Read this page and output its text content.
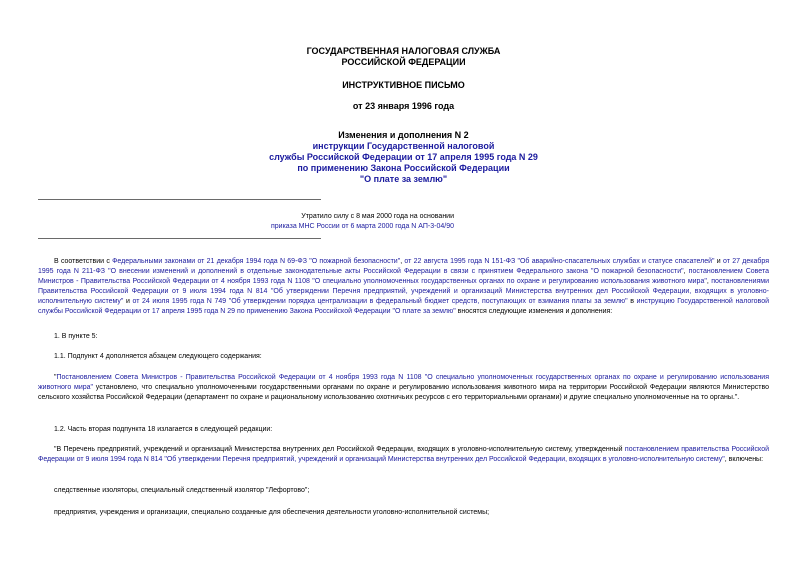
ГОСУДАРСТВЕННАЯ НАЛОГОВАЯ СЛУЖБА
РОССИЙСКОЙ ФЕДЕРАЦИИ
ИНСТРУКТИВНОЕ ПИСЬМО
от 23 января 1996 года
Изменения и дополнения N 2
инструкции Государственной налоговой
службы Российской Федерации от 17 апреля 1995 года N 29
по применению Закона Российской Федерации
"О плате за землю"
Утратило силу с 8 мая 2000 года на основании
приказа МНС России от 6 марта 2000 года N АП-3-04/90
В соответствии с Федеральными законами от 21 декабря 1994 года N 69-ФЗ "О пожарной безопасности", от 22 августа 1995 года N 151-ФЗ "Об аварийно-спасательных службах и статусе спасателей" и от 27 декабря 1995 года N 211-ФЗ "О внесении изменений и дополнений в отдельные законодательные акты Российской Федерации в связи с принятием Федерального закона "О пожарной безопасности", постановлением Совета Министров - Правительства Российской Федерации от 4 ноября 1993 года N 1108 "О специально уполномоченных государственных органах по охране и регулированию использования животного мира", постановлениями Правительства Российской Федерации от 9 июля 1994 года N 814 "Об утверждении Перечня предприятий, учреждений и организаций Министерства внутренних дел Российской Федерации, входящих в уголовно-исполнительную систему" и от 24 июля 1995 года N 749 "Об утверждении порядка централизации в федеральный бюджет средств, поступающих от взимания платы за землю" в инструкцию Государственной налоговой службы Российской Федерации от 17 апреля 1995 года N 29 по применению Закона Российской Федерации "О плате за землю" вносятся следующие изменения и дополнения:
1. В пункте 5:
1.1. Подпункт 4 дополняется абзацем следующего содержания:
"Постановлением Совета Министров - Правительства Российской Федерации от 4 ноября 1993 года N 1108 "О специально уполномоченных государственных органах по охране и регулированию использования животного мира" установлено, что специально уполномоченными государственными органами по охране и регулированию использования животного мира на территории Российской Федерации являются Министерство сельского хозяйства Российской Федерации (департамент по охране и рациональному использованию охотничьих ресурсов с его территориальными органами) и другие специально уполномоченные на то органы.".
1.2. Часть вторая подпункта 18 излагается в следующей редакции:
"В Перечень предприятий, учреждений и организаций Министерства внутренних дел Российской Федерации, входящих в уголовно-исполнительную систему, утвержденный постановлением правительства Российской Федерации от 9 июля 1994 года N 814 "Об утверждении Перечня предприятий, учреждений и организаций Министерства внутренних дел Российской Федерации, входящих в уголовно-исполнительную систему", включены:
следственные изоляторы, специальный следственный изолятор "Лефортово";
предприятия, учреждения и организации, специально созданные для обеспечения деятельности уголовно-исполнительной системы;
